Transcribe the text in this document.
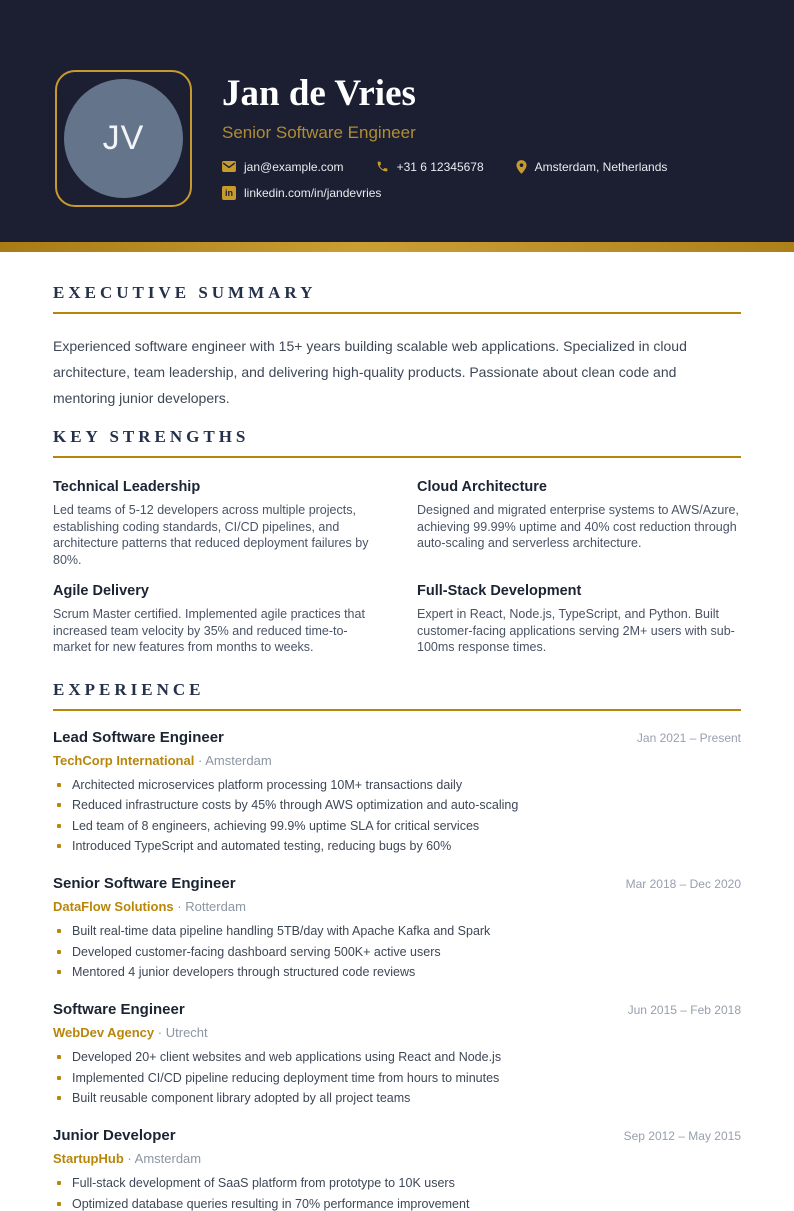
JV
Jan de Vries
Senior Software Engineer
jan@example.com	+31 6 12345678	Amsterdam, Netherlands
in linkedin.com/in/jandevries
EXECUTIVE SUMMARY

Experienced software engineer with 15+ years building scalable web applications. Specialized in cloud architecture, team leadership, and delivering high-quality products. Passionate about clean code and mentoring junior developers.

KEY STRENGTHS
Technical Leadership
Led teams of 5-12 developers across multiple projects, establishing coding standards, CI/CD pipelines, and architecture patterns that reduced deployment failures by 80%.
Cloud Architecture
Designed and migrated enterprise systems to AWS/Azure, achieving 99.99% uptime and 40% cost reduction through auto-scaling and serverless architecture.
Agile Delivery
Scrum Master certified. Implemented agile practices that increased team velocity by 35% and reduced time-to-market for new features from months to weeks.
Full-Stack Development
Expert in React, Node.js, TypeScript, and Python. Built customer-facing applications serving 2M+ users with sub-100ms response times.
EXPERIENCE
Lead Software Engineer	Jan 2021 – Present
TechCorp International · Amsterdam
Architected microservices platform processing 10M+ transactions daily
Reduced infrastructure costs by 45% through AWS optimization and auto-scaling
Led team of 8 engineers, achieving 99.9% uptime SLA for critical services
Introduced TypeScript and automated testing, reducing bugs by 60%
Senior Software Engineer	Mar 2018 – Dec 2020
DataFlow Solutions · Rotterdam
Built real-time data pipeline handling 5TB/day with Apache Kafka and Spark
Developed customer-facing dashboard serving 500K+ active users
Mentored 4 junior developers through structured code reviews
Software Engineer	Jun 2015 – Feb 2018
WebDev Agency · Utrecht
Developed 20+ client websites and web applications using React and Node.js
Implemented CI/CD pipeline reducing deployment time from hours to minutes
Built reusable component library adopted by all project teams
Junior Developer	Sep 2012 – May 2015
StartupHub · Amsterdam
Full-stack development of SaaS platform from prototype to 10K users
Optimized database queries resulting in 70% performance improvement
